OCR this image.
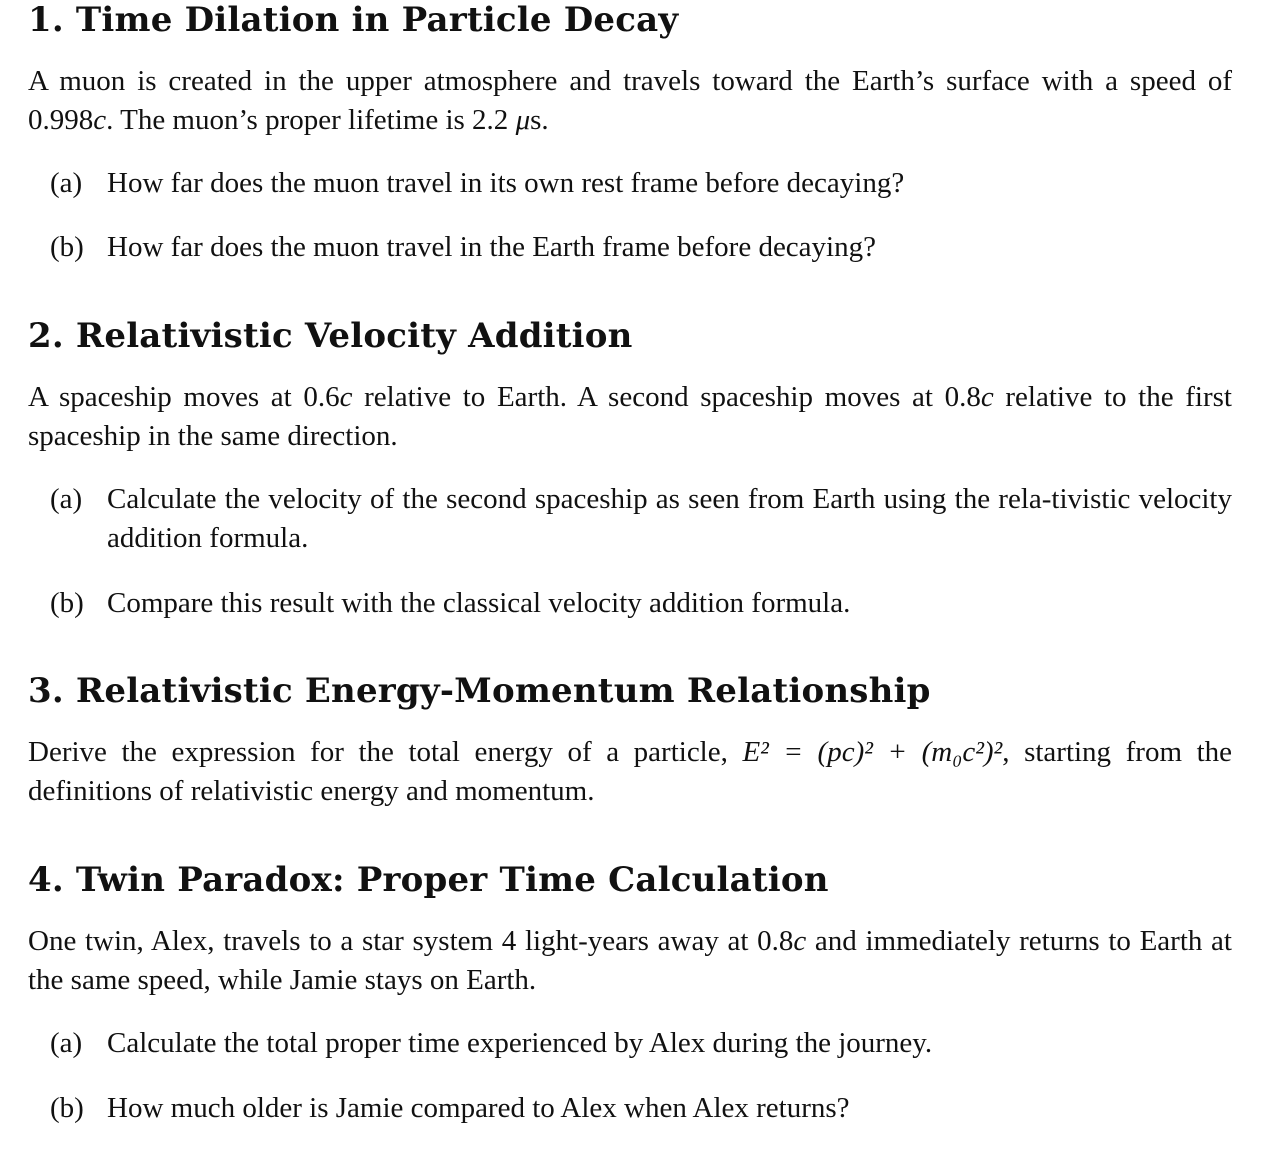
1. Time Dilation in Particle Decay

A muon is created in the upper atmosphere and travels toward the Earth’s surface with a speed of 0.998c. The muon’s proper lifetime is 2.2 μs.

(a) How far does the muon travel in its own rest frame before decaying?
(b) How far does the muon travel in the Earth frame before decaying?
2. Relativistic Velocity Addition

A spaceship moves at 0.6c relative to Earth. A second spaceship moves at 0.8c relative to the first spaceship in the same direction.

(a) Calculate the velocity of the second spaceship as seen from Earth using the rela-tivistic velocity addition formula.
(b) Compare this result with the classical velocity addition formula.
3. Relativistic Energy-Momentum Relationship

Derive the expression for the total energy of a particle, E² = (pc)² + (m₀c²)², starting from the definitions of relativistic energy and momentum.

4. Twin Paradox: Proper Time Calculation

One twin, Alex, travels to a star system 4 light-years away at 0.8c and immediately returns to Earth at the same speed, while Jamie stays on Earth.

(a) Calculate the total proper time experienced by Alex during the journey.
(b) How much older is Jamie compared to Alex when Alex returns?
